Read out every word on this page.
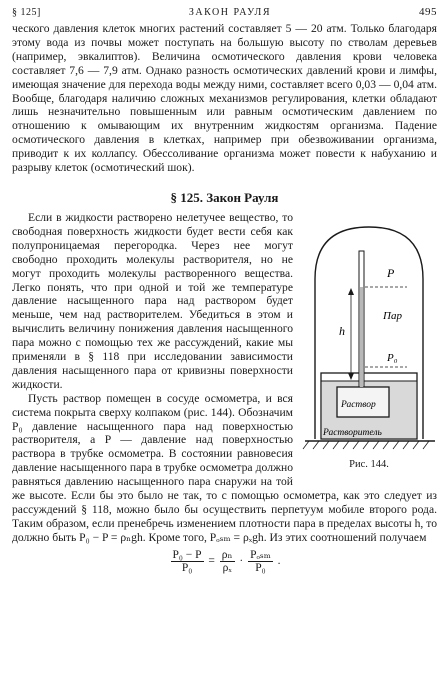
§ 125]	ЗАКОН РАУЛЯ	495

ческого давления клеток многих растений составляет 5 — 20 атм. Только благодаря этому вода из почвы может поступать на большую высоту по стволам деревьев (например, эвкалиптов). Величина осмотического давления крови человека составляет 7,6 — 7,9 атм. Однако разность осмотических давлений крови и лимфы, имеющая значение для перехода воды между ними, составляет всего 0,03 — 0,04 атм. Вообще, благодаря наличию сложных механизмов регулирования, клетки обладают лишь незначительно повышенным или равным осмотическим давлением по отношению к омывающим их внутренним жидкостям организма. Падение осмотического давления в клетках, например при обезвоживании организма, приводит к их коллапсу. Обессоливание организма может повести к набуханию и разрыву клеток (осмотический шок).

§ 125. Закон Рауля
P
Пар
h
P₀
Раствор
Растворитель
Рис. 144.

Если в жидкости растворено нелетучее вещество, то свободная поверхность жидкости будет вести себя как полупроницаемая перегородка. Через нее могут свободно проходить молекулы растворителя, но не могут проходить молекулы растворенного вещества. Легко понять, что при одной и той же температуре давление насыщенного пара над раствором будет меньше, чем над растворителем. Убедиться в этом и вычислить величину понижения давления насыщенного пара можно с помощью тех же рассуждений, какие мы применяли в § 118 при исследовании зависимости давления насыщенного пара от кривизны поверхности жидкости.

Пусть раствор помещен в сосуде осмометра, и вся система покрыта сверху колпаком (рис. 144). Обозначим P₀ давление насыщенного пара над поверхностью растворителя, а P — давление над поверхностью раствора в трубке осмометра. В состоянии равновесия давление насыщенного пара в трубке осмометра должно равняться давлению насыщенного пара снаружи на той же высоте. Если бы это было не так, то с помощью осмометра, как это следует из рассуждений § 118, можно было бы осуществить перпетуум мобиле второго рода. Таким образом, если пренебречь изменением плотности пара в пределах высоты h, то должно быть P₀ − P = ρₙgh. Кроме того, Pₒₛₘ = ρₓgh. Из этих соотношений получаем

$\frac{\text{P₀ − P}}{\text{P₀}} = \frac{\text{ρₙ}}{\text{ρₓ}} \cdot \frac{\text{Pₒₛₘ}}{\text{P₀}}$ .
